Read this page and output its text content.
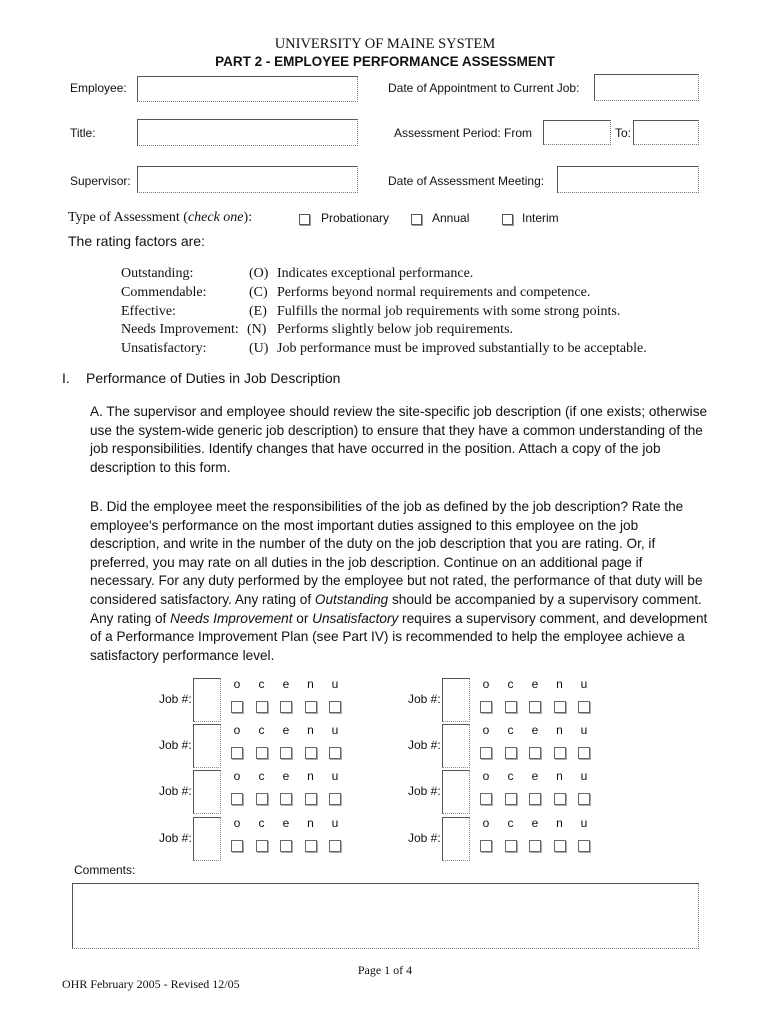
UNIVERSITY OF MAINE SYSTEM
PART 2 - EMPLOYEE PERFORMANCE ASSESSMENT
Employee:	Date of Appointment to Current Job:
Title:	Assessment Period: From	To:
Supervisor:	Date of Assessment Meeting:
Type of Assessment (check one):	Probationary	Annual	Interim
The rating factors are:
Outstanding:	(O) Indicates exceptional performance.
Commendable:	(C) Performs beyond normal requirements and competence.
Effective:	(E) Fulfills the normal job requirements with some strong points.
Needs Improvement: (N) Performs slightly below job requirements.
Unsatisfactory:	(U) Job performance must be improved substantially to be acceptable.
I. Performance of Duties in Job Description

A. The supervisor and employee should review the site-specific job description (if one exists; otherwise use the system-wide generic job description) to ensure that they have a common understanding of the job responsibilities. Identify changes that have occurred in the position. Attach a copy of the job description to this form.

B. Did the employee meet the responsibilities of the job as defined by the job description? Rate the employee's performance on the most important duties assigned to this employee on the job description, and write in the number of the duty on the job description that you are rating. Or, if preferred, you may rate on all duties in the job description. Continue on an additional page if necessary. For any duty performed by the employee but not rated, the performance of that duty will be considered satisfactory. Any rating of Outstanding should be accompanied by a supervisory comment. Any rating of Needs Improvement or Unsatisfactory requires a supervisory comment, and development of a Performance Improvement Plan (see Part IV) is recommended to help the employee achieve a satisfactory performance level.

Job #:
o c e n u
Job #:
o c e n u
Job #:
o c e n u
Job #:
o c e n u
Job #:
o c e n u
Job #:
o c e n u
Job #:
o c e n u
Job #:
o c e n u
Comments:
Page 1 of 4
OHR February 2005 - Revised 12/05
